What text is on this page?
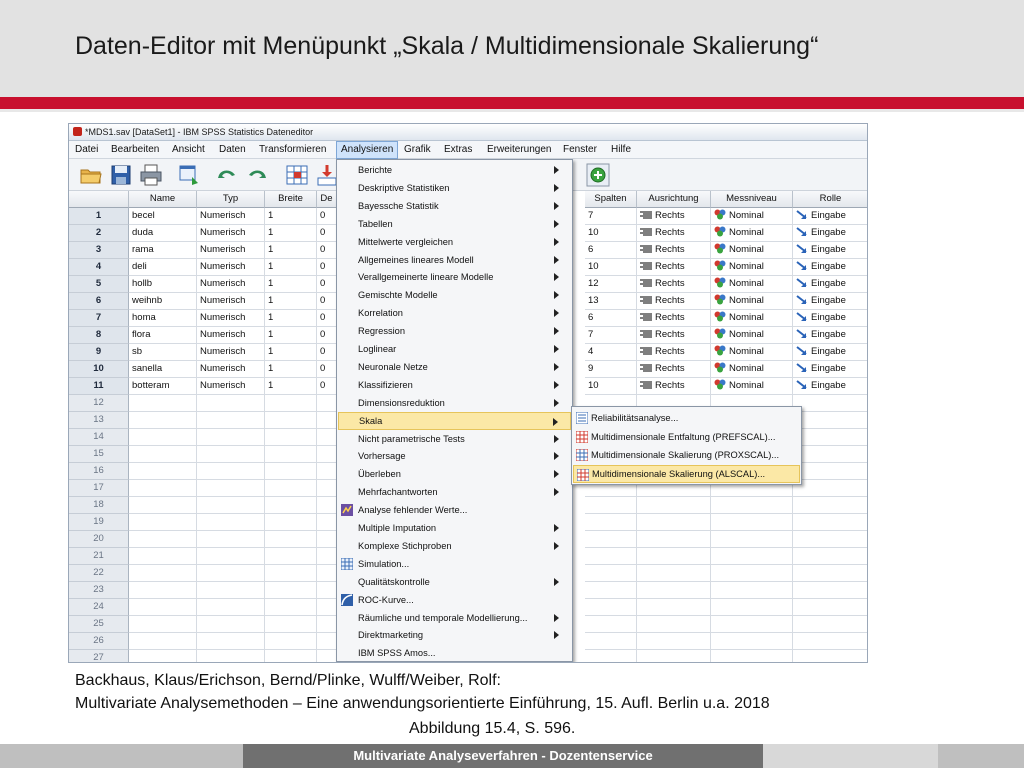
Daten-Editor mit Menüpunkt „Skala / Multidimensionale Skalierung“
*MDS1.sav [DataSet1] - IBM SPSS Statistics Dateneditor
Datei	Bearbeiten	Ansicht	Daten	Transformieren	Analysieren	Grafik	Extras	Erweiterungen	Fenster	Hilfe
Name	Typ	Breite	De	Spalten	Ausrichtung	Messniveau	Rolle
1	becel	Numerisch	1	0	7	Rechts	Nominal	Eingabe
2	duda	Numerisch	1	0	10	Rechts	Nominal	Eingabe
3	rama	Numerisch	1	0	6	Rechts	Nominal	Eingabe
4	deli	Numerisch	1	0	10	Rechts	Nominal	Eingabe
5	hollb	Numerisch	1	0	12	Rechts	Nominal	Eingabe
6	weihnb	Numerisch	1	0	13	Rechts	Nominal	Eingabe
7	homa	Numerisch	1	0	6	Rechts	Nominal	Eingabe
8	flora	Numerisch	1	0	7	Rechts	Nominal	Eingabe
9	sb	Numerisch	1	0	4	Rechts	Nominal	Eingabe
10	sanella	Numerisch	1	0	9	Rechts	Nominal	Eingabe
11	botteram	Numerisch	1	0	10	Rechts	Nominal	Eingabe
12
13
14
15
16
17
18
19
20
21
22
23
24
25
26
27
Berichte
Deskriptive Statistiken
Bayessche Statistik
Tabellen
Mittelwerte vergleichen
Allgemeines lineares Modell
Verallgemeinerte lineare Modelle
Gemischte Modelle
Korrelation
Regression
Loglinear
Neuronale Netze
Klassifizieren
Dimensionsreduktion
Skala
Nicht parametrische Tests
Vorhersage
Überleben
Mehrfachantworten
Analyse fehlender Werte...
Multiple Imputation
Komplexe Stichproben
Simulation...
Qualitätskontrolle
ROC-Kurve...
Räumliche und temporale Modellierung...
Direktmarketing
IBM SPSS Amos...
Reliabilitätsanalyse...
Multidimensionale Entfaltung (PREFSCAL)...
Multidimensionale Skalierung (PROXSCAL)...
Multidimensionale Skalierung (ALSCAL)...
Backhaus, Klaus/Erichson, Bernd/Plinke, Wulff/Weiber, Rolf:
Multivariate Analysemethoden – Eine anwendungsorientierte Einführung, 15. Aufl. Berlin u.a. 2018
Abbildung 15.4, S. 596.
Multivariate Analyseverfahren - Dozentenservice
